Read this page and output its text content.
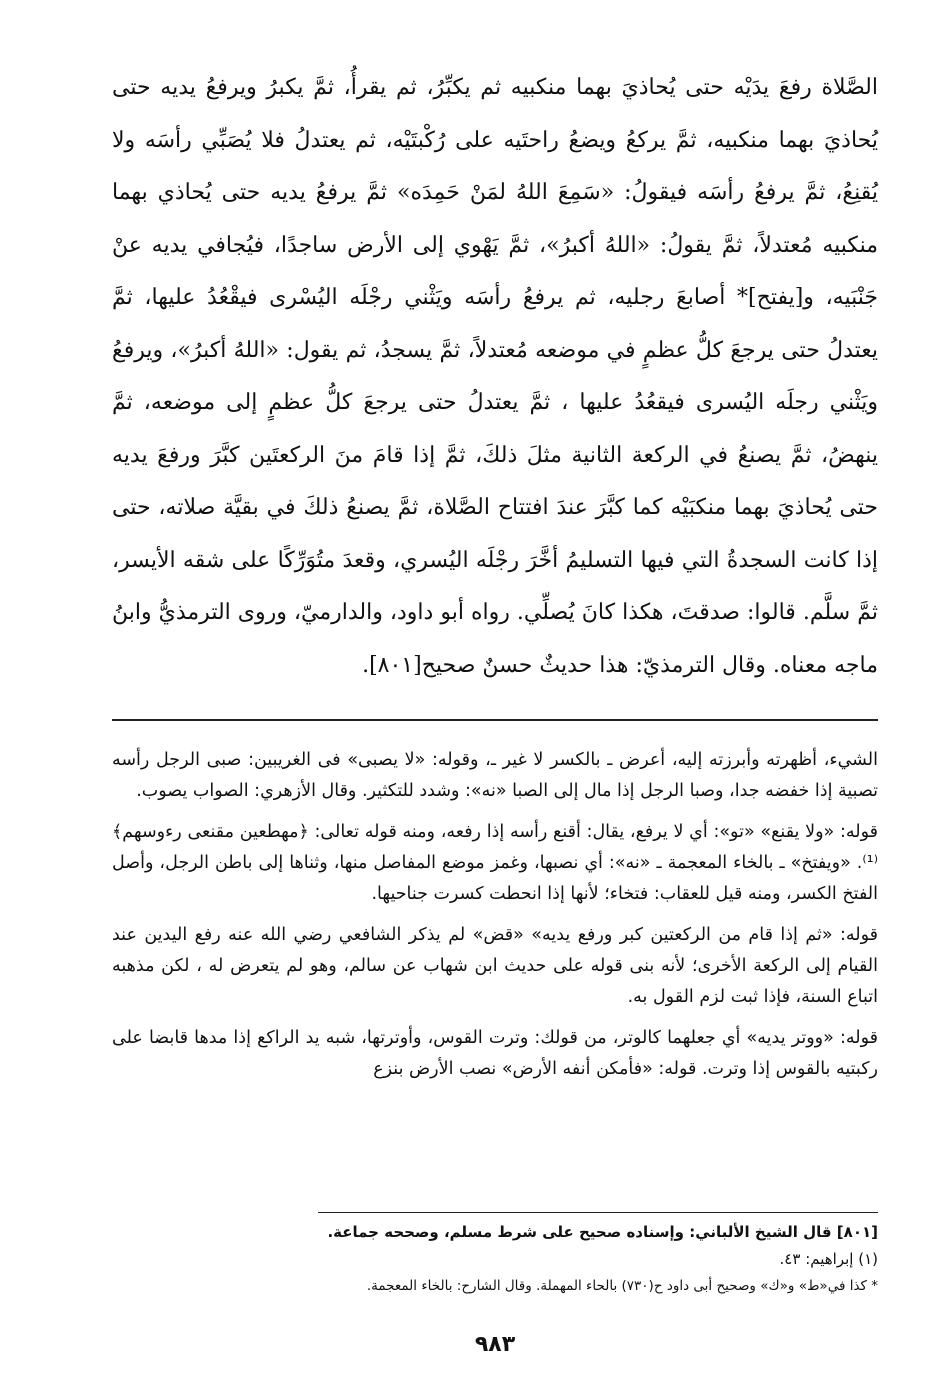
الصَّلاة رفعَ يدَيْه حتى يُحاذيَ بهما منكبيه ثم يكبِّرُ، ثم يقرأُ، ثمَّ يكبرُ ويرفعُ يديه حتى يُحاذيَ بهما منكبيه، ثمَّ يركعُ ويضعُ راحتَيه على رُكْبتَيْه، ثم يعتدلُ فلا يُصَبِّي رأسَه ولا يُقنِعُ، ثمَّ يرفعُ رأسَه فيقولُ: «سَمِعَ اللهُ لمَنْ حَمِدَه» ثمَّ يرفعُ يديه حتى يُحاذي بهما منكبيه مُعتدلاً، ثمَّ يقولُ: «اللهُ أكبرُ»، ثمَّ يَهْوي إلى الأرض ساجدًا، فيُجافي يديه عنْ جَنْبَيه، و[يفتح]* أصابعَ رجليه، ثم يرفعُ رأسَه ويَثْني رجْلَه اليُسْرى فيقْعُدُ عليها، ثمَّ يعتدلُ حتى يرجعَ كلُّ عظمٍ في موضعه مُعتدلاً، ثمَّ يسجدُ، ثم يقول: «اللهُ أكبرُ»، ويرفعُ ويَثْني رجلَه اليُسرى فيقعُدُ عليها ، ثمَّ يعتدلُ حتى يرجعَ كلُّ عظمٍ إلى موضعه، ثمَّ ينهضُ، ثمَّ يصنعُ في الركعة الثانية مثلَ ذلكَ، ثمَّ إذا قامَ منَ الركعتَين كبَّرَ ورفعَ يديه حتى يُحاذيَ بهما منكبَيْه كما كبَّرَ عندَ افتتاح الصَّلاة، ثمَّ يصنعُ ذلكَ في بقيَّة صلاته، حتى إذا كانت السجدةُ التي فيها التسليمُ أخَّرَ رجْلَه اليُسري، وقعدَ متُوَرِّكًا على شقه الأيسر، ثمَّ سلَّم. قالوا: صدقتَ، هكذا كانَ يُصلِّي. رواه أبو داود، والدارميّ، وروى الترمذيُّ وابنُ ماجه معناه. وقال الترمذيّ: هذا حديثٌ حسنٌ صحيح[٨٠١].

الشيء، أظهرته وأبرزته إليه، أعرض ـ بالكسر لا غير ـ، وقوله: «لا يصبى» فى الغريبين: صبى الرجل رأسه تصبية إذا خفضه جدا، وصبا الرجل إذا مال إلى الصبا «نه»: وشدد للتكثير. وقال الأزهري: الصواب يصوب.

قوله: «ولا يقنع» «تو»: أي لا يرفع، يقال: أقنع رأسه إذا رفعه، ومنه قوله تعالى: ﴿مهطعين مقنعى رءوسهم﴾⁽¹⁾. «ويفتخ» ـ بالخاء المعجمة ـ «نه»: أي نصبها، وغمز موضع المفاصل منها، وثناها إلى باطن الرجل، وأصل الفتخ الكسر، ومنه قيل للعقاب: فتخاء؛ لأنها إذا انحطت كسرت جناحيها.

قوله: «ثم إذا قام من الركعتين كبر ورفع يديه» «قض» لم يذكر الشافعي رضي الله عنه رفع اليدين عند القيام إلى الركعة الأخرى؛ لأنه بنى قوله على حديث ابن شهاب عن سالم، وهو لم يتعرض له ، لكن مذهبه اتباع السنة، فإذا ثبت لزم القول به.

قوله: «ووتر يديه» أي جعلهما كالوتر، من قولك: وترت القوس، وأوترتها، شبه يد الراكع إذا مدها قابضا على ركبتيه بالقوس إذا وترت. قوله: «فأمكن أنفه الأرض» نصب الأرض بنزع

[٨٠١] قال الشيخ الألباني: وإسناده صحيح على شرط مسلم، وصححه جماعة.

(١) إبراهيم: ٤٣.

* كذا في«ط» و«ك» وصحيح أبى داود ح(٧٣٠) بالحاء المهملة. وقال الشارح: بالخاء المعجمة.

٩٨٣
